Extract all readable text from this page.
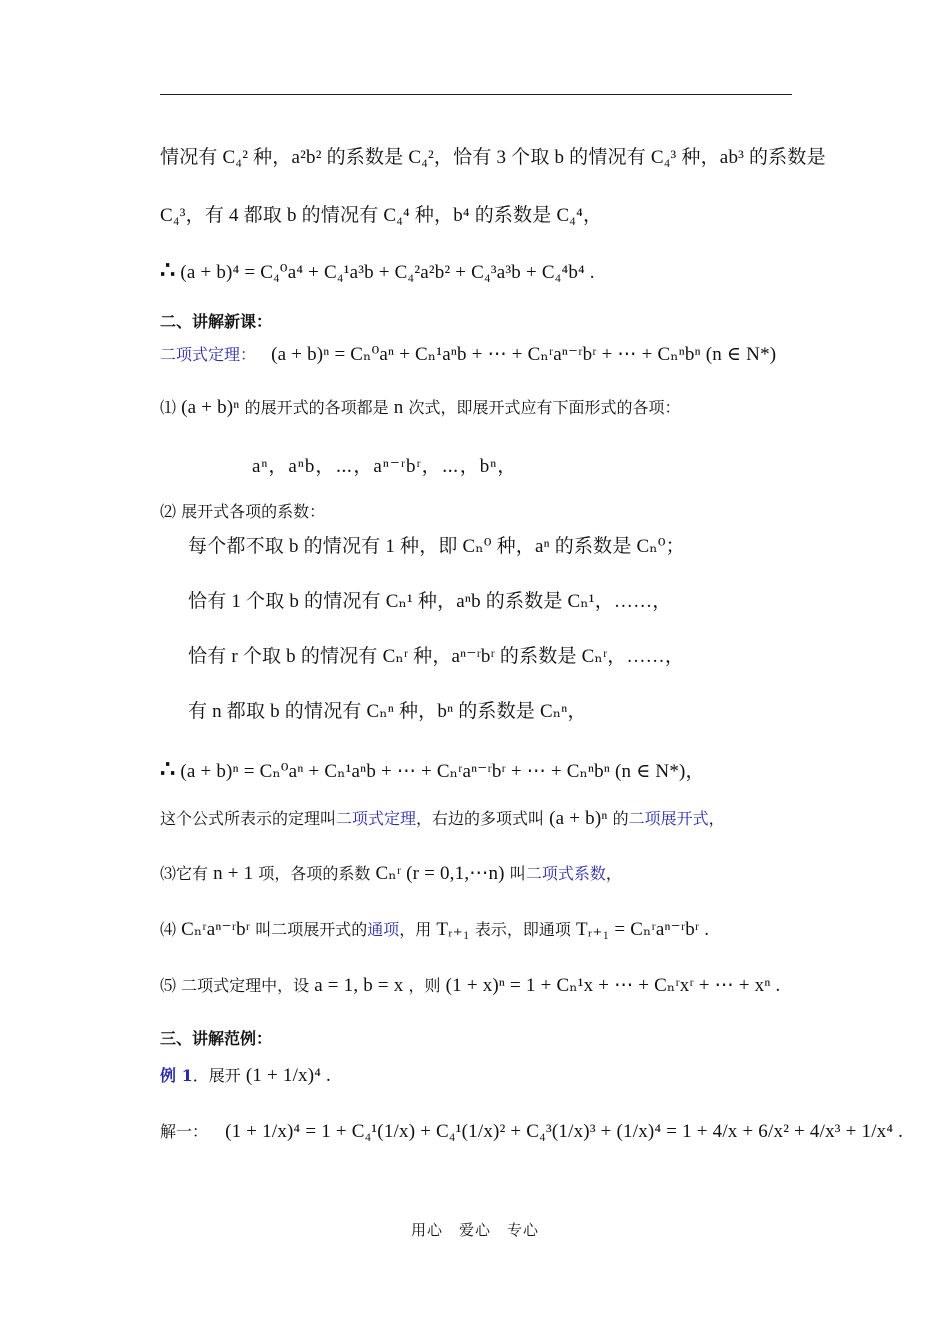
情况有 C₄² 种，a²b² 的系数是 C₄²，恰有 3 个取 b 的情况有 C₄³ 种，ab³ 的系数是
C₄³，有 4 都取 b 的情况有 C₄⁴ 种，b⁴ 的系数是 C₄⁴，
∴ (a + b)⁴ = C₄⁰a⁴ + C₄¹a³b + C₄²a²b² + C₄³a³b + C₄⁴b⁴ .
二、讲解新课：
二项式定理： (a + b)ⁿ = Cₙ⁰aⁿ + Cₙ¹aⁿb + ⋯ + Cₙʳaⁿ⁻ʳbʳ + ⋯ + Cₙⁿbⁿ (n ∈ N*)
⑴ (a + b)ⁿ 的展开式的各项都是 n 次式，即展开式应有下面形式的各项：
aⁿ，aⁿb，⋯，aⁿ⁻ʳbʳ，⋯，bⁿ，
⑵ 展开式各项的系数：
每个都不取 b 的情况有 1 种，即 Cₙ⁰ 种，aⁿ 的系数是 Cₙ⁰；
恰有 1 个取 b 的情况有 Cₙ¹ 种，aⁿb 的系数是 Cₙ¹，……，
恰有 r 个取 b 的情况有 Cₙʳ 种，aⁿ⁻ʳbʳ 的系数是 Cₙʳ，……，
有 n 都取 b 的情况有 Cₙⁿ 种，bⁿ 的系数是 Cₙⁿ，
∴ (a + b)ⁿ = Cₙ⁰aⁿ + Cₙ¹aⁿb + ⋯ + Cₙʳaⁿ⁻ʳbʳ + ⋯ + Cₙⁿbⁿ (n ∈ N*)，
这个公式所表示的定理叫二项式定理，右边的多项式叫 (a + b)ⁿ 的二项展开式，
⑶它有 n + 1 项，各项的系数 Cₙʳ (r = 0,1,⋯n) 叫二项式系数，
⑷ Cₙʳaⁿ⁻ʳbʳ 叫二项展开式的通项，用 Tᵣ₊₁ 表示，即通项 Tᵣ₊₁ = Cₙʳaⁿ⁻ʳbʳ .
⑸ 二项式定理中，设 a = 1, b = x ，则 (1 + x)ⁿ = 1 + Cₙ¹x + ⋯ + Cₙʳxʳ + ⋯ + xⁿ .
三、讲解范例：
例 1．展开 (1 + 1/x)⁴ .
解一： (1 + 1/x)⁴ = 1 + C₄¹(1/x) + C₄¹(1/x)² + C₄³(1/x)³ + (1/x)⁴ = 1 + 4/x + 6/x² + 4/x³ + 1/x⁴ .
用心　爱心　专心
